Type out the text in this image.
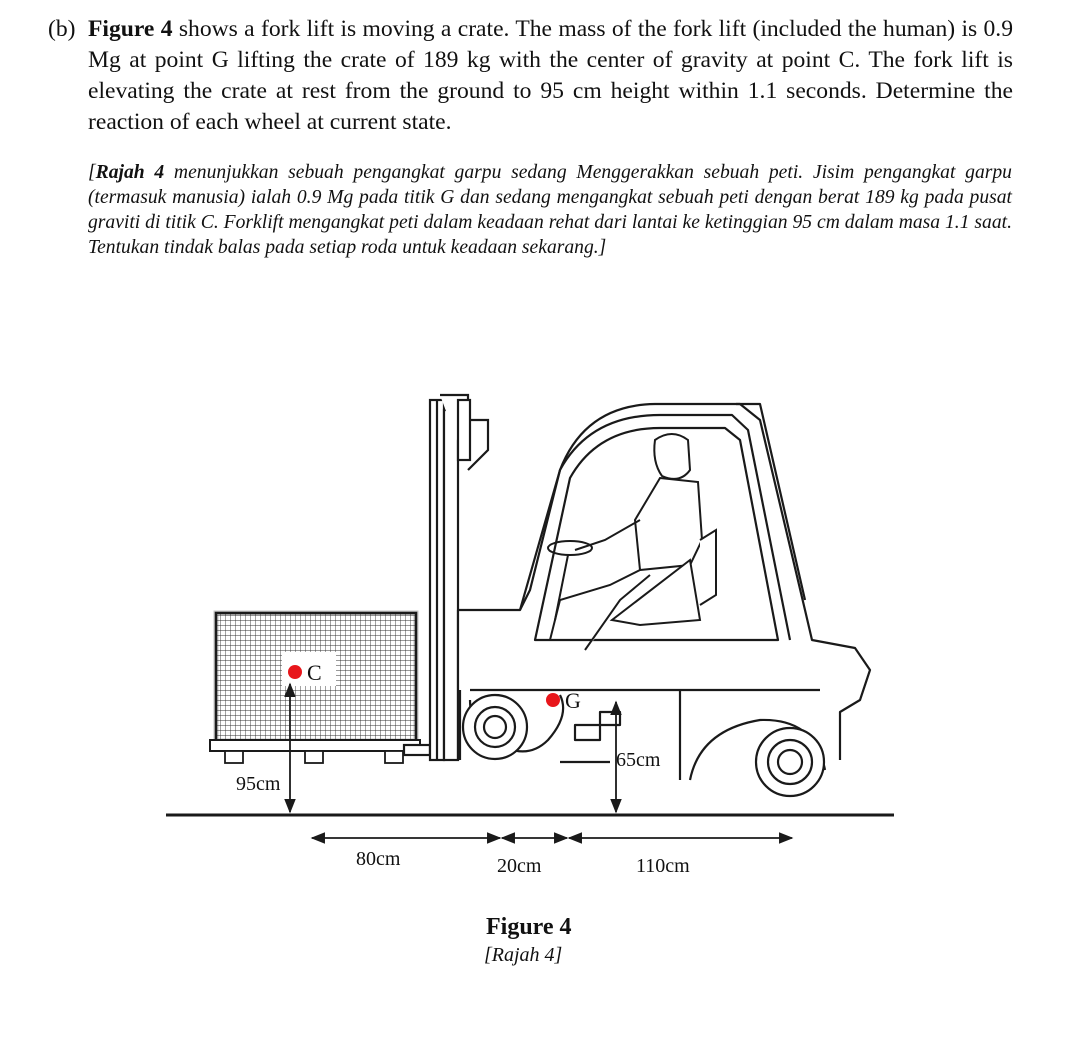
(b) Figure 4 shows a fork lift is moving a crate. The mass of the fork lift (included the human) is 0.9 Mg at point G lifting the crate of 189 kg with the center of gravity at point C. The fork lift is elevating the crate at rest from the ground to 95 cm height within 1.1 seconds. Determine the reaction of each wheel at current state.
[Rajah 4 menunjukkan sebuah pengangkat garpu sedang Menggerakkan sebuah peti. Jisim pengangkat garpu (termasuk manusia) ialah 0.9 Mg pada titik G dan sedang mengangkat sebuah peti dengan berat 189 kg pada pusat graviti di titik C. Forklift mengangkat peti dalam keadaan rehat dari lantai ke ketinggian 95 cm dalam masa 1.1 saat. Tentukan tindak balas pada setiap roda untuk keadaan sekarang.]
C
G
95cm
65cm
80cm	20cm	110cm
Figure 4
[Rajah 4]
